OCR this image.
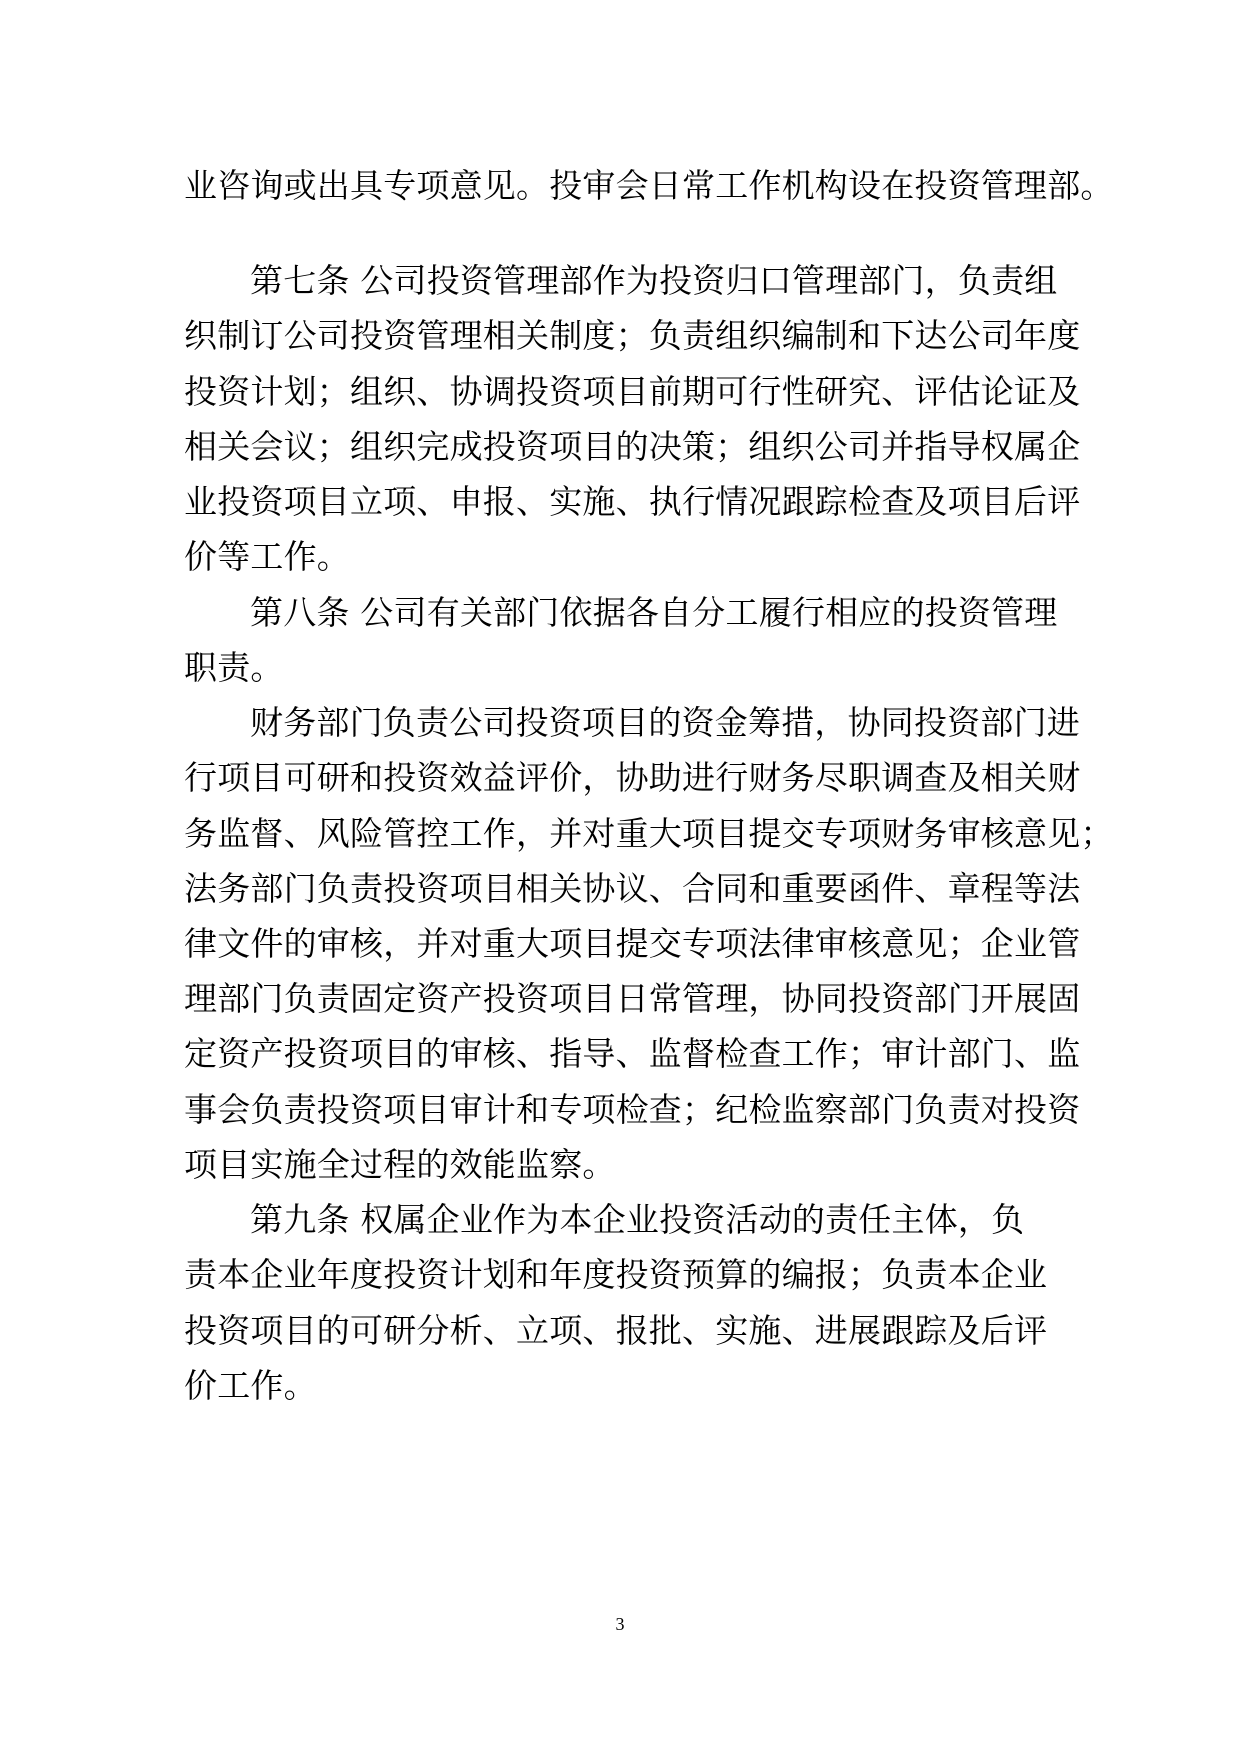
业咨询或出具专项意见。投审会日常工作机构设在投资管理部。

第七条 公司投资管理部作为投资归口管理部门，负责组

织制订公司投资管理相关制度；负责组织编制和下达公司年度

投资计划；组织、协调投资项目前期可行性研究、评估论证及

相关会议；组织完成投资项目的决策；组织公司并指导权属企

业投资项目立项、申报、实施、执行情况跟踪检查及项目后评

价等工作。

第八条 公司有关部门依据各自分工履行相应的投资管理

职责。

财务部门负责公司投资项目的资金筹措，协同投资部门进

行项目可研和投资效益评价，协助进行财务尽职调查及相关财

务监督、风险管控工作，并对重大项目提交专项财务审核意见；

法务部门负责投资项目相关协议、合同和重要函件、章程等法

律文件的审核，并对重大项目提交专项法律审核意见；企业管

理部门负责固定资产投资项目日常管理，协同投资部门开展固

定资产投资项目的审核、指导、监督检查工作；审计部门、监

事会负责投资项目审计和专项检查；纪检监察部门负责对投资

项目实施全过程的效能监察。

第九条 权属企业作为本企业投资活动的责任主体，负

责本企业年度投资计划和年度投资预算的编报；负责本企业

投资项目的可研分析、立项、报批、实施、进展跟踪及后评

价工作。

3
